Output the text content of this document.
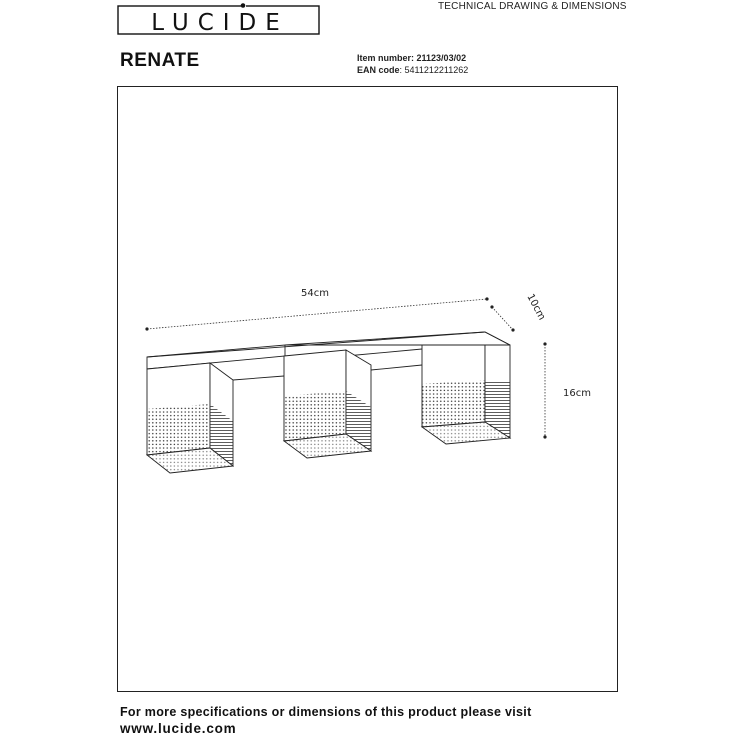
LUCIDE
TECHNICAL DRAWING & DIMENSIONS
RENATE	Item number: 21123/03/02
EAN code: 5411212211262
54cm	10cm
16cm
For more specifications or dimensions of this product please visit
www.lucide.com
